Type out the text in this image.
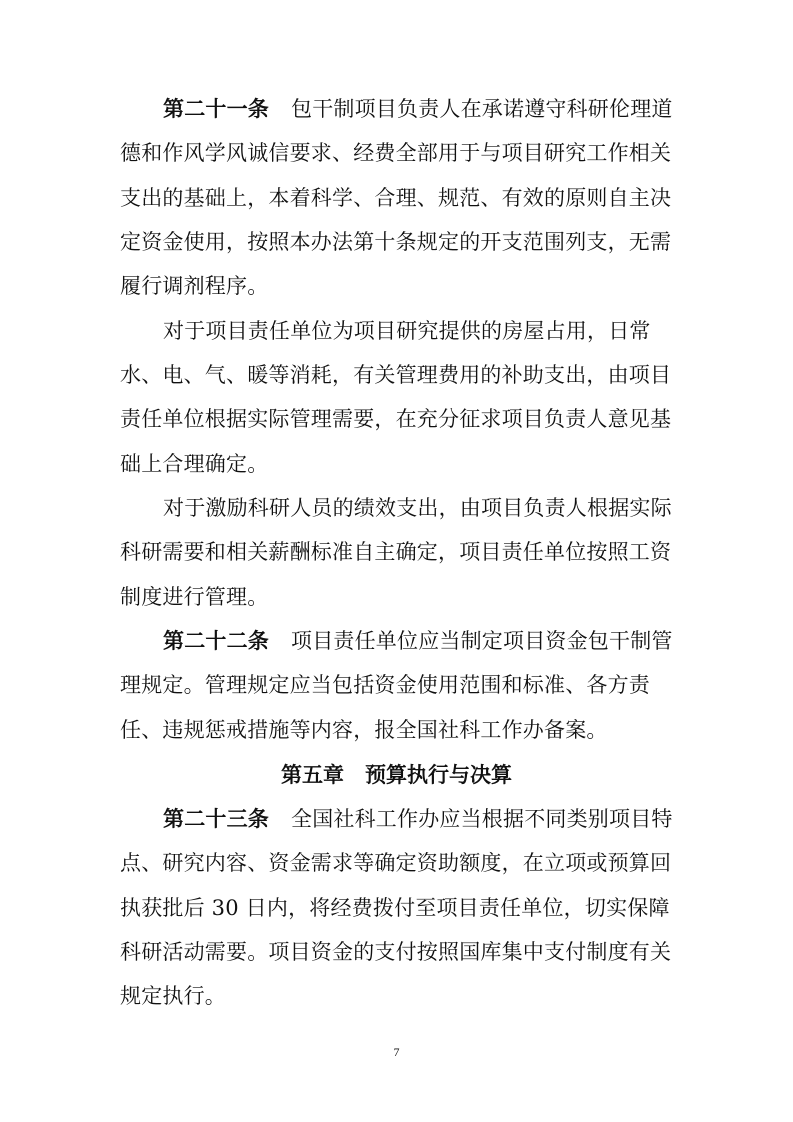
第二十一条 包干制项目负责人在承诺遵守科研伦理道
德和作风学风诚信要求、经费全部用于与项目研究工作相关
支出的基础上，本着科学、合理、规范、有效的原则自主决
定资金使用，按照本办法第十条规定的开支范围列支，无需
履行调剂程序。
对于项目责任单位为项目研究提供的房屋占用，日常
水、电、气、暖等消耗，有关管理费用的补助支出，由项目
责任单位根据实际管理需要，在充分征求项目负责人意见基
础上合理确定。
对于激励科研人员的绩效支出，由项目负责人根据实际
科研需要和相关薪酬标准自主确定，项目责任单位按照工资
制度进行管理。
第二十二条 项目责任单位应当制定项目资金包干制管
理规定。管理规定应当包括资金使用范围和标准、各方责
任、违规惩戒措施等内容，报全国社科工作办备案。
第五章　预算执行与决算
第二十三条 全国社科工作办应当根据不同类别项目特
点、研究内容、资金需求等确定资助额度，在立项或预算回
执获批后 30 日内，将经费拨付至项目责任单位，切实保障
科研活动需要。项目资金的支付按照国库集中支付制度有关
规定执行。
7
